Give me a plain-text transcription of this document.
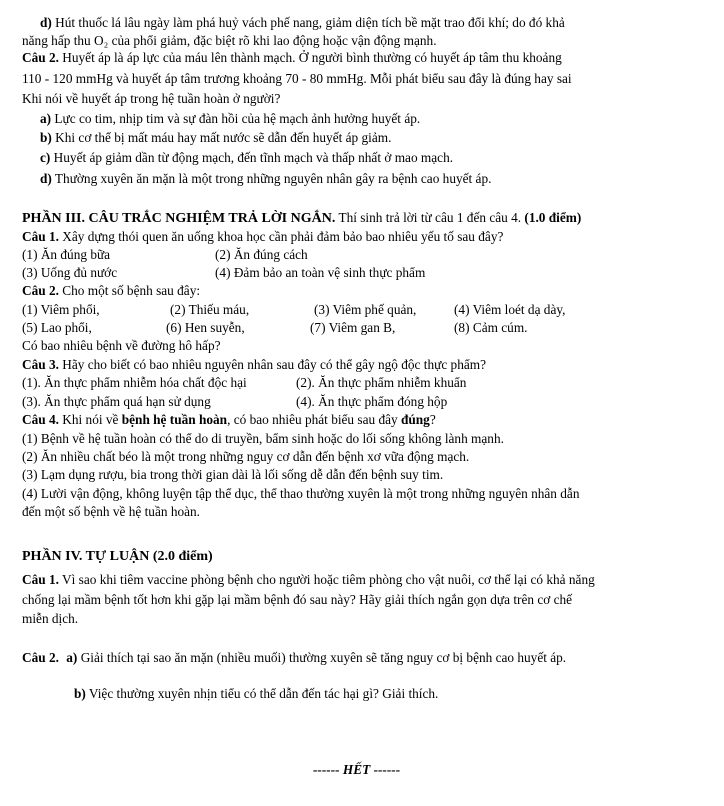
d) Hút thuốc lá lâu ngày làm phá huỷ vách phế nang, giảm diện tích bề mặt trao đổi khí; do đó khả
năng hấp thu O₂ của phổi giảm, đặc biệt rõ khi lao động hoặc vận động mạnh.
Câu 2. Huyết áp là áp lực của máu lên thành mạch. Ở người bình thường có huyết áp tâm thu khoảng
110 - 120 mmHg và huyết áp tâm trương khoảng 70 - 80 mmHg. Mỗi phát biểu sau đây là đúng hay sai
Khi nói về huyết áp trong hệ tuần hoàn ở người?
a) Lực co tim, nhịp tim và sự đàn hồi của hệ mạch ảnh hưởng huyết áp.
b) Khi cơ thể bị mất máu hay mất nước sẽ dẫn đến huyết áp giảm.
c) Huyết áp giảm dần từ động mạch, đến tĩnh mạch và thấp nhất ở mao mạch.
d) Thường xuyên ăn mặn là một trong những nguyên nhân gây ra bệnh cao huyết áp.
PHẦN III. CÂU TRẮC NGHIỆM TRẢ LỜI NGẮN. Thí sinh trả lời từ câu 1 đến câu 4. (1.0 điểm)
Câu 1. Xây dựng thói quen ăn uống khoa học cần phải đảm bảo bao nhiêu yếu tố sau đây?
(1) Ăn đúng bữa	(2) Ăn đúng cách
(3) Uống đủ nước	(4) Đảm bảo an toàn vệ sinh thực phẩm
Câu 2. Cho một số bệnh sau đây:
(1) Viêm phổi,	(2) Thiếu máu,	(3) Viêm phế quản,	(4) Viêm loét dạ dày,
(5) Lao phổi,	(6) Hen suyễn,	(7) Viêm gan B,	(8) Cảm cúm.
Có bao nhiêu bệnh về đường hô hấp?
Câu 3. Hãy cho biết có bao nhiêu nguyên nhân sau đây có thể gây ngộ độc thực phẩm?
(1). Ăn thực phẩm nhiễm hóa chất độc hại	(2). Ăn thực phẩm nhiễm khuẩn
(3). Ăn thực phẩm quá hạn sử dụng	(4). Ăn thực phẩm đóng hộp
Câu 4. Khi nói về bệnh hệ tuần hoàn, có bao nhiêu phát biểu sau đây đúng?
(1) Bệnh về hệ tuần hoàn có thể do di truyền, bẩm sinh hoặc do lối sống không lành mạnh.
(2) Ăn nhiều chất béo là một trong những nguy cơ dẫn đến bệnh xơ vữa động mạch.
(3) Lạm dụng rượu, bia trong thời gian dài là lối sống dễ dẫn đến bệnh suy tim.
(4) Lười vận động, không luyện tập thể dục, thể thao thường xuyên là một trong những nguyên nhân dẫn
đến một số bệnh về hệ tuần hoàn.
PHẦN IV. TỰ LUẬN (2.0 điểm)
Câu 1. Vì sao khi tiêm vaccine phòng bệnh cho người hoặc tiêm phòng cho vật nuôi, cơ thể lại có khả năng
chống lại mầm bệnh tốt hơn khi gặp lại mầm bệnh đó sau này? Hãy giải thích ngắn gọn dựa trên cơ chế
miễn dịch.
Câu 2. a) Giải thích tại sao ăn mặn (nhiều muối) thường xuyên sẽ tăng nguy cơ bị bệnh cao huyết áp.
b) Việc thường xuyên nhịn tiểu có thể dẫn đến tác hại gì? Giải thích.
------ HẾT ------
